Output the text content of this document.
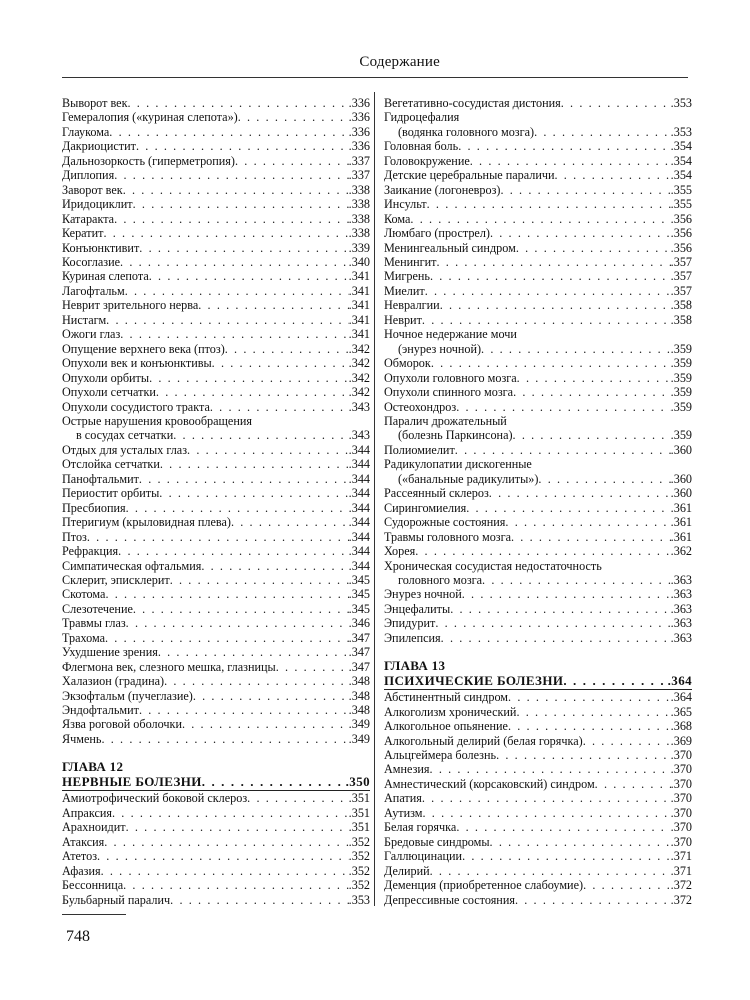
Содержание
Выворот век . . .	.336
Гемералопия («куриная слепота») . . .	.336
Глаукома . . .	.336
Дакриоцистит . . .	.336
Дальнозоркость (гиперметропия) . . .	.337
Диплопия . . .	.337
Заворот век . . .	.338
Иридоциклит . . .	.338
Катаракта . . .	.338
Кератит . . .	.338
Конъюнктивит . . .	.339
Косоглазие . . .	.340
Куриная слепота . . .	.341
Лагофтальм . . .	.341
Неврит зрительного нерва . . .	.341
Нистагм . . .	.341
Ожоги глаз . . .	.341
Опущение верхнего века (птоз) . . .	.342
Опухоли век и конъюнктивы . . .	.342
Опухоли орбиты . . .	.342
Опухоли сетчатки . . .	.342
Опухоли сосудистого тракта . . .	.343
Острые нарушения кровообращения
в сосудах сетчатки . . .	.343
Отдых для усталых глаз . . .	.344
Отслойка сетчатки . . .	.344
Панофтальмит . . .	.344
Периостит орбиты . . .	.344
Пресбиопия . . .	.344
Птеригиум (крыловидная плева) . . .	.344
Птоз . . .	.344
Рефракция . . .	.344
Симпатическая офтальмия . . .	.344
Склерит, эписклерит . . .	.345
Скотома . . .	.345
Слезотечение . . .	.345
Травмы глаз . . .	.346
Трахома . . .	.347
Ухудшение зрения . . .	.347
Флегмона век, слезного мешка, глазницы . . .	.347
Халазион (градина) . . .	.348
Экзофтальм (пучеглазие) . . .	.348
Эндофтальмит . . .	.348
Язва роговой оболочки . . .	.349
Ячмень . . .	.349
ГЛАВА 12
НЕРВНЫЕ БОЛЕЗНИ . . .	.350
Амиотрофический боковой склероз . . .	.351
Апраксия . . .	.351
Арахноидит . . .	.351
Атаксия . . .	.352
Атетоз . . .	.352
Афазия . . .	.352
Бессонница . . .	.352
Бульбарный паралич . . .	.353
Вегетативно-сосудистая дистония . . .	.353
Гидроцефалия
(водянка головного мозга) . . .	.353
Головная боль . . .	.354
Головокружение . . .	.354
Детские церебральные параличи . . .	.354
Заикание (логоневроз) . . .	.355
Инсульт . . .	.355
Кома . . .	.356
Люмбаго (прострел) . . .	.356
Менингеальный синдром . . .	.356
Менингит . . .	.357
Мигрень . . .	.357
Миелит . . .	.357
Невралгии . . .	.358
Неврит . . .	.358
Ночное недержание мочи
(энурез ночной) . . .	.359
Обморок . . .	.359
Опухоли головного мозга . . .	.359
Опухоли спинного мозга . . .	.359
Остеохондроз . . .	.359
Паралич дрожательный
(болезнь Паркинсона) . . .	.359
Полиомиелит . . .	.360
Радикулопатии дискогенные
(«банальные радикулиты») . . .	.360
Рассеянный склероз . . .	.360
Сирингомиелия . . .	.361
Судорожные состояния . . .	.361
Травмы головного мозга . . .	.361
Хорея . . .	.362
Хроническая сосудистая недостаточность
головного мозга . . .	.363
Энурез ночной . . .	.363
Энцефалиты . . .	.363
Эпидурит . . .	.363
Эпилепсия . . .	.363
ГЛАВА 13
ПСИХИЧЕСКИЕ БОЛЕЗНИ . . .	.364
Абстинентный синдром . . .	.364
Алкоголизм хронический . . .	.365
Алкогольное опьянение . . .	.368
Алкогольный делирий (белая горячка) . . .	.369
Альцгеймера болезнь . . .	.370
Амнезия . . .	.370
Амнестический (корсаковский) синдром . . .	.370
Апатия . . .	.370
Аутизм . . .	.370
Белая горячка . . .	.370
Бредовые синдромы . . .	.370
Галлюцинации . . .	.371
Делирий . . .	.371
Деменция (приобретенное слабоумие) . . .	.372
Депрессивные состояния . . .	.372
748
